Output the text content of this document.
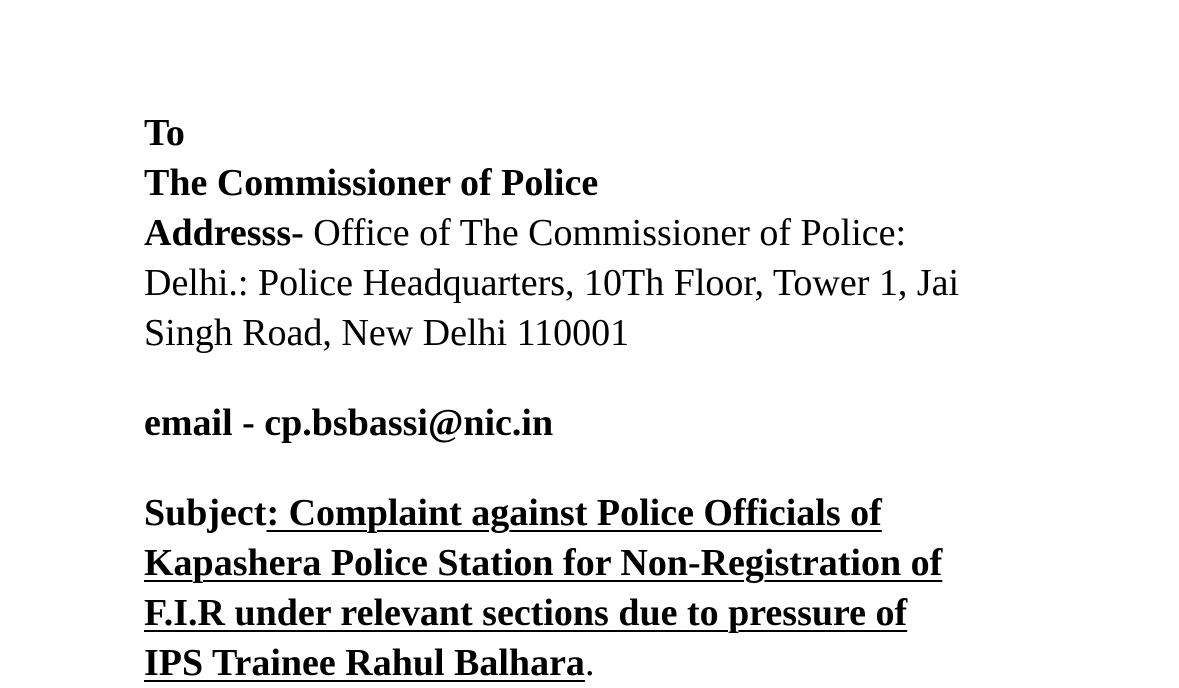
To
The Commissioner of Police
Addresss- Office of The Commissioner of Police:
Delhi.: Police Headquarters, 10Th Floor, Tower 1, Jai
Singh Road, New Delhi 110001
email - cp.bsbassi@nic.in
Subject: Complaint against Police Officials of
Kapashera Police Station for Non-Registration of
F.I.R under relevant sections due to pressure of
IPS Trainee Rahul Balhara.
